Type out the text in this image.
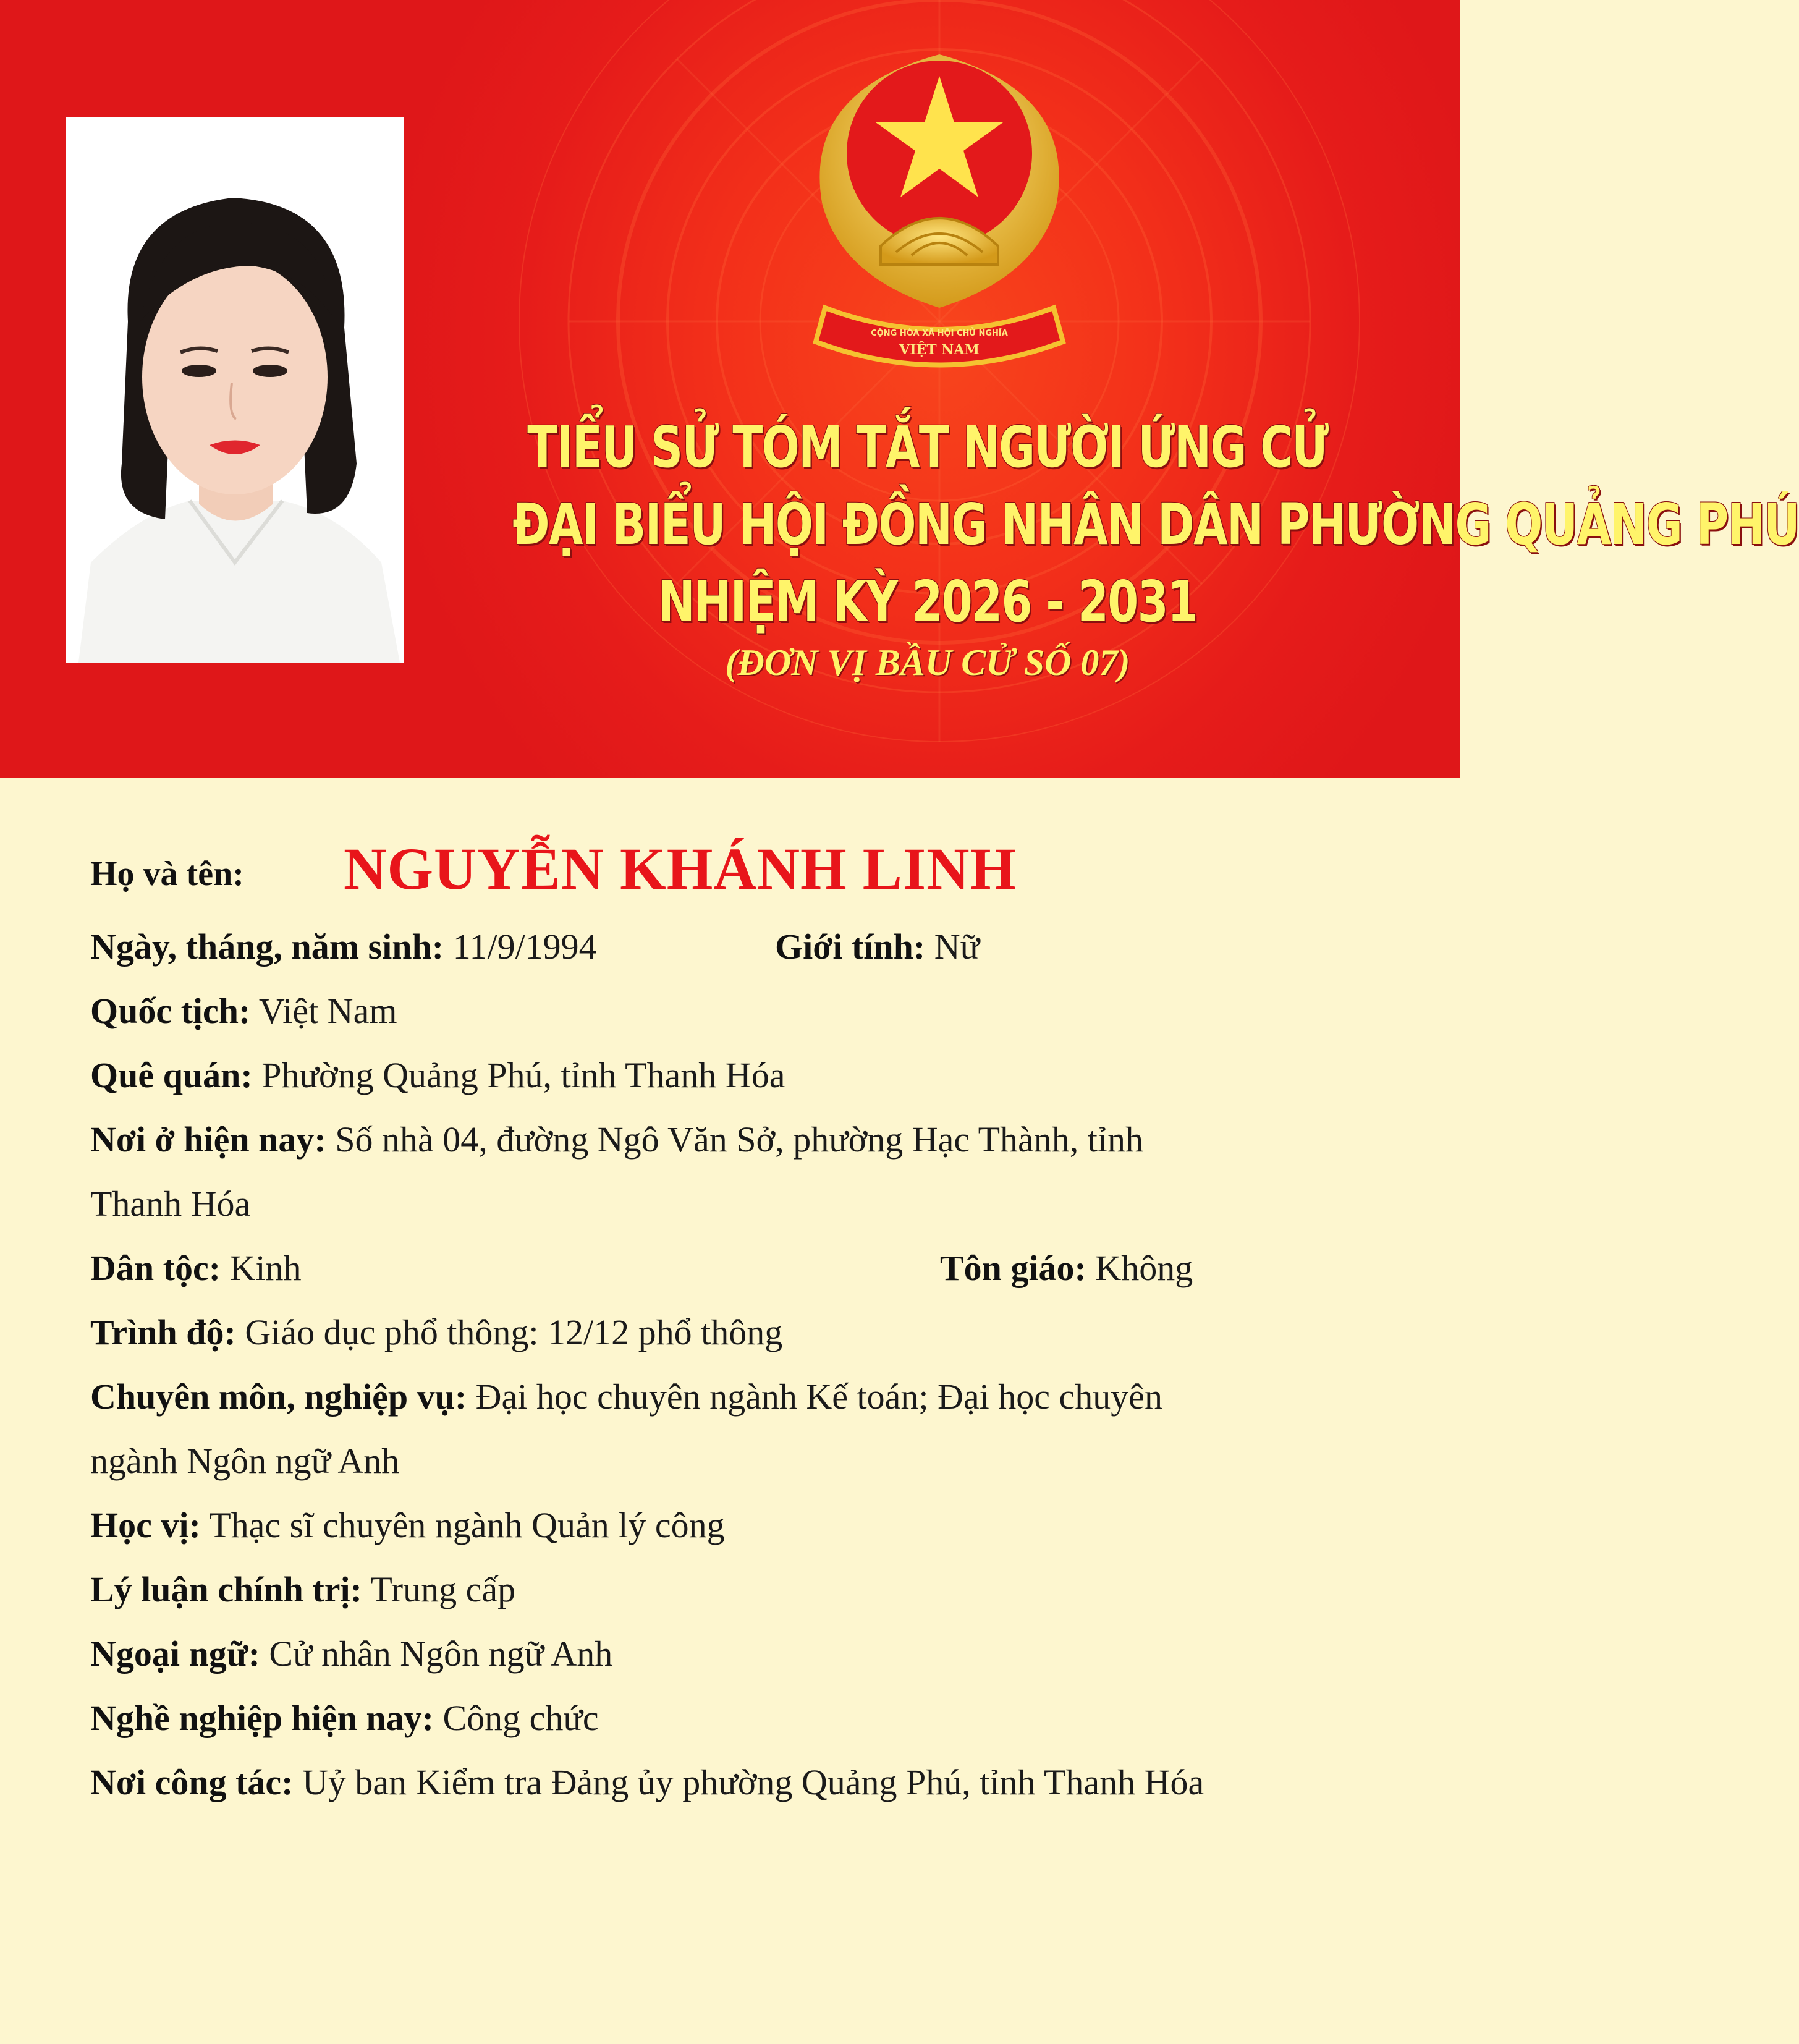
CỘNG HÒA XÃ HỘI CHỦ NGHĨA
VIỆT NAM
TIỂU SỬ TÓM TẮT NGƯỜI ỨNG CỬ
ĐẠI BIỂU HỘI ĐỒNG NHÂN DÂN PHƯỜNG QUẢNG PHÚ
NHIỆM KỲ 2026 - 2031
(ĐƠN VỊ BẦU CỬ SỐ 07)
Họ và tên: NGUYỄN KHÁNH LINH
Ngày, tháng, năm sinh: 11/9/1994	Giới tính: Nữ
Quốc tịch: Việt Nam
Quê quán: Phường Quảng Phú, tỉnh Thanh Hóa
Nơi ở hiện nay: Số nhà 04, đường Ngô Văn Sở, phường Hạc Thành, tỉnh
Thanh Hóa
Dân tộc: Kinh	Tôn giáo: Không
Trình độ: Giáo dục phổ thông: 12/12 phổ thông
Chuyên môn, nghiệp vụ: Đại học chuyên ngành Kế toán; Đại học chuyên
ngành Ngôn ngữ Anh
Học vị: Thạc sĩ chuyên ngành Quản lý công
Lý luận chính trị: Trung cấp
Ngoại ngữ: Cử nhân Ngôn ngữ Anh
Nghề nghiệp hiện nay: Công chức
Nơi công tác: Uỷ ban Kiểm tra Đảng ủy phường Quảng Phú, tỉnh Thanh Hóa
